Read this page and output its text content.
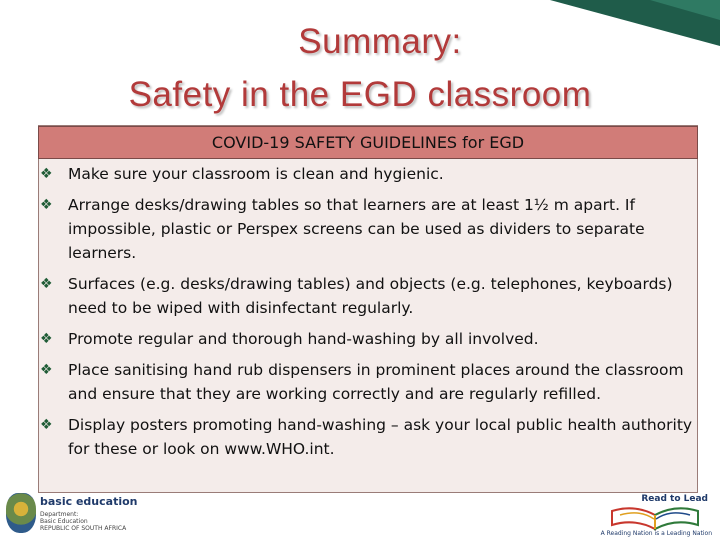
Summary:
Safety in the EGD classroom
COVID-19 SAFETY GUIDELINES for EGD
❖ Make sure your classroom is clean and hygienic.
❖ Arrange desks/drawing tables so that learners are at least 1½ m apart. If impossible, plastic or Perspex screens can be used as dividers to separate learners.
❖ Surfaces (e.g. desks/drawing tables) and objects (e.g. telephones, keyboards) need to be wiped with disinfectant regularly.
❖ Promote regular and thorough hand-washing by all involved.
❖ Place sanitising hand rub dispensers in prominent places around the classroom and ensure that they are working correctly and are regularly refilled.
❖ Display posters promoting hand-washing – ask your local public health authority for these or look on www.WHO.int.
basic education
Department:
Basic Education
REPUBLIC OF SOUTH AFRICA
Read to Lead
A Reading Nation is a Leading Nation
